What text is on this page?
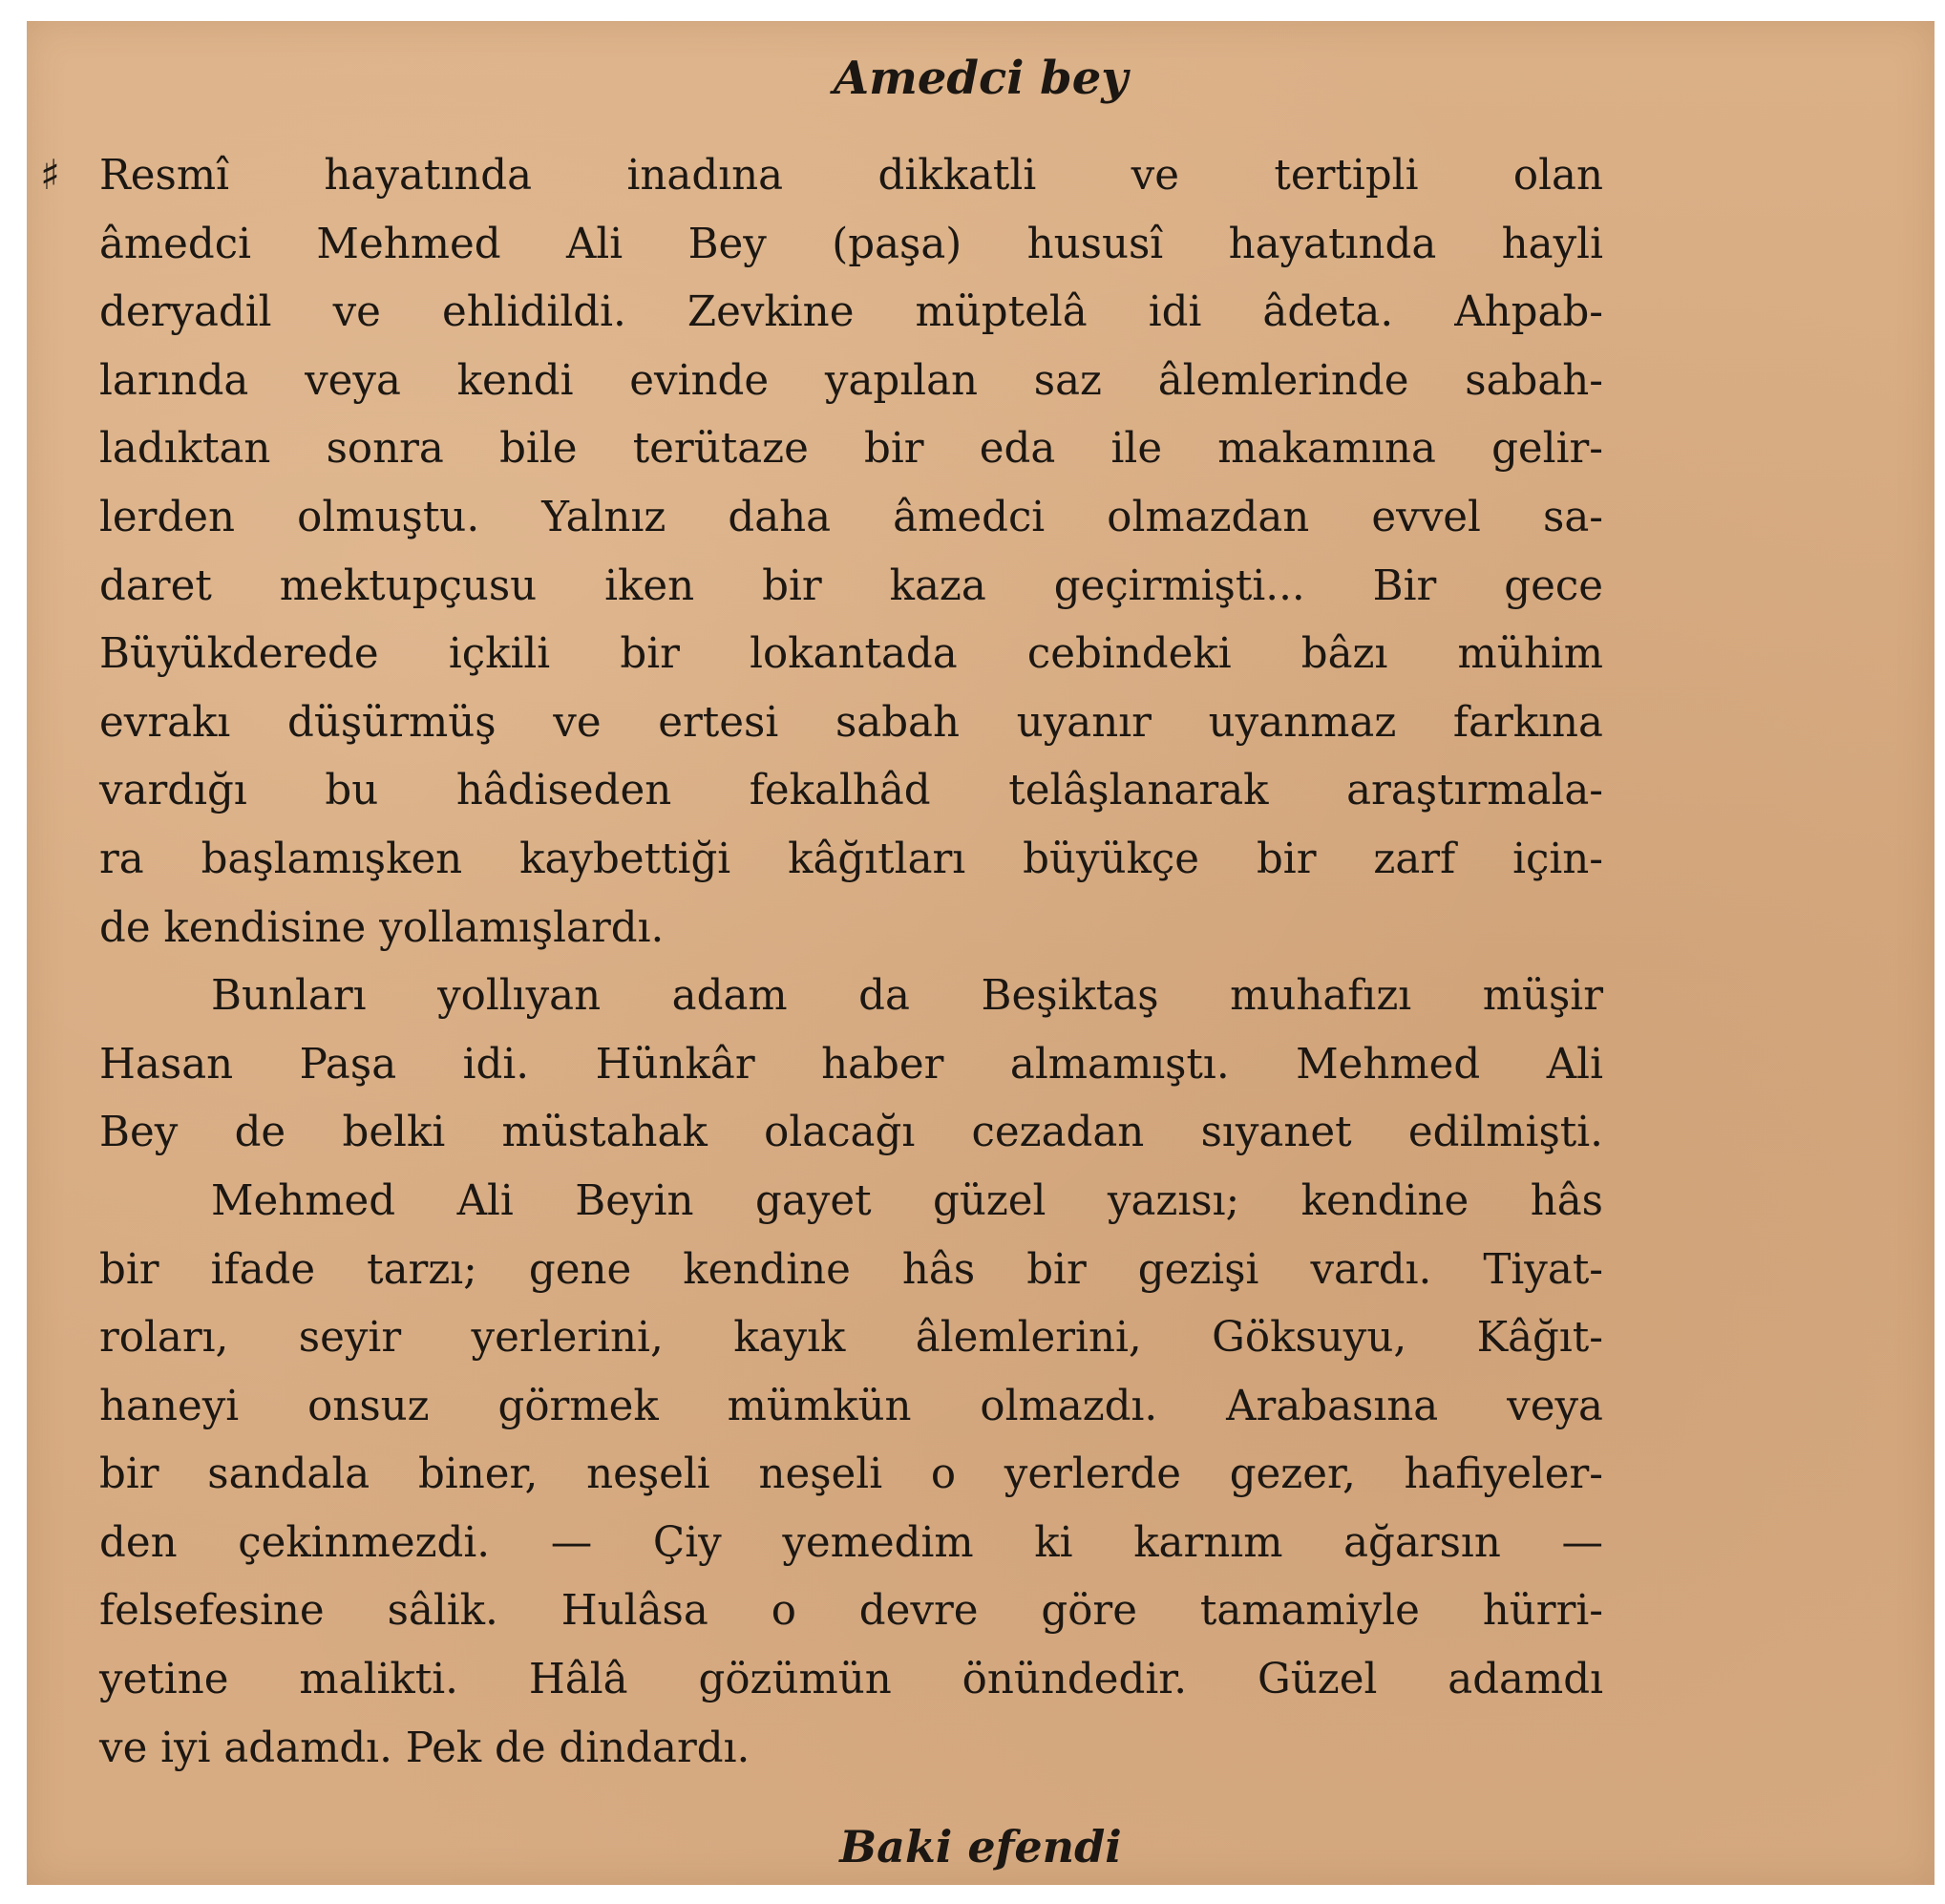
Amedci bey

♯ Resmî hayatında inadına dikkatli ve tertipli olan
âmedci Mehmed Ali Bey (paşa) hususî hayatında hayli
deryadil ve ehlidildi. Zevkine müptelâ idi âdeta. Ahpab-
larında veya kendi evinde yapılan saz âlemlerinde sabah-
ladıktan sonra bile terütaze bir eda ile makamına gelir-
lerden olmuştu. Yalnız daha âmedci olmazdan evvel sa-
daret mektupçusu iken bir kaza geçirmişti... Bir gece
Büyükderede içkili bir lokantada cebindeki bâzı mühim
evrakı düşürmüş ve ertesi sabah uyanır uyanmaz farkına
vardığı bu hâdiseden fekalhâd telâşlanarak araştırmala-
ra başlamışken kaybettiği kâğıtları büyükçe bir zarf için-
de kendisine yollamışlardı.

Bunları yollıyan adam da Beşiktaş muhafızı müşir
Hasan Paşa idi. Hünkâr haber almamıştı. Mehmed Ali
Bey de belki müstahak olacağı cezadan sıyanet edilmişti.

Mehmed Ali Beyin gayet güzel yazısı; kendine hâs
bir ifade tarzı; gene kendine hâs bir gezişi vardı. Tiyat-
roları, seyir yerlerini, kayık âlemlerini, Göksuyu, Kâğıt-
haneyi onsuz görmek mümkün olmazdı. Arabasına veya
bir sandala biner, neşeli neşeli o yerlerde gezer, hafiyeler-
den çekinmezdi. — Çiy yemedim ki karnım ağarsın —
felsefesine sâlik. Hulâsa o devre göre tamamiyle hürri-
yetine malikti. Hâlâ gözümün önündedir. Güzel adamdı
ve iyi adamdı. Pek de dindardı.

Baki efendi
